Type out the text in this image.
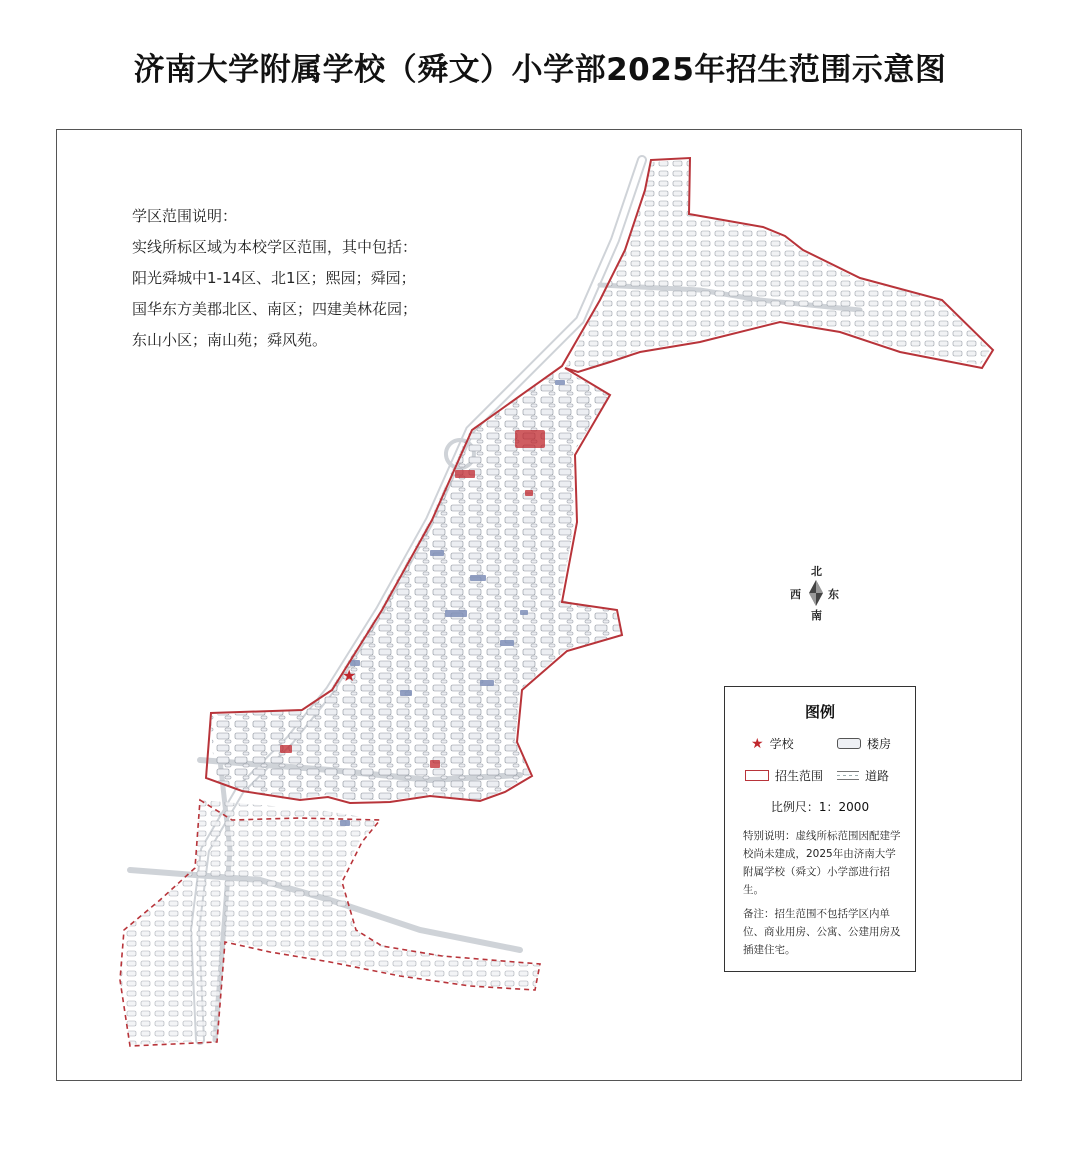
济南大学附属学校（舜文）小学部2025年招生范围示意图
★
学区范围说明：
实线所标区域为本校学区范围，其中包括：
阳光舜城中1-14区、北1区；熙园；舜园；
国华东方美郡北区、南区；四建美林花园；
东山小区；南山苑；舜风苑。
北
南
东
西
图例
★ 学校	楼房
招生范围	道路
比例尺：1：2000
特别说明：虚线所标范围因配建学校尚未建成，2025年由济南大学附属学校（舜文）小学部进行招生。
备注：招生范围不包括学区内单位、商业用房、公寓、公建用房及插建住宅。
